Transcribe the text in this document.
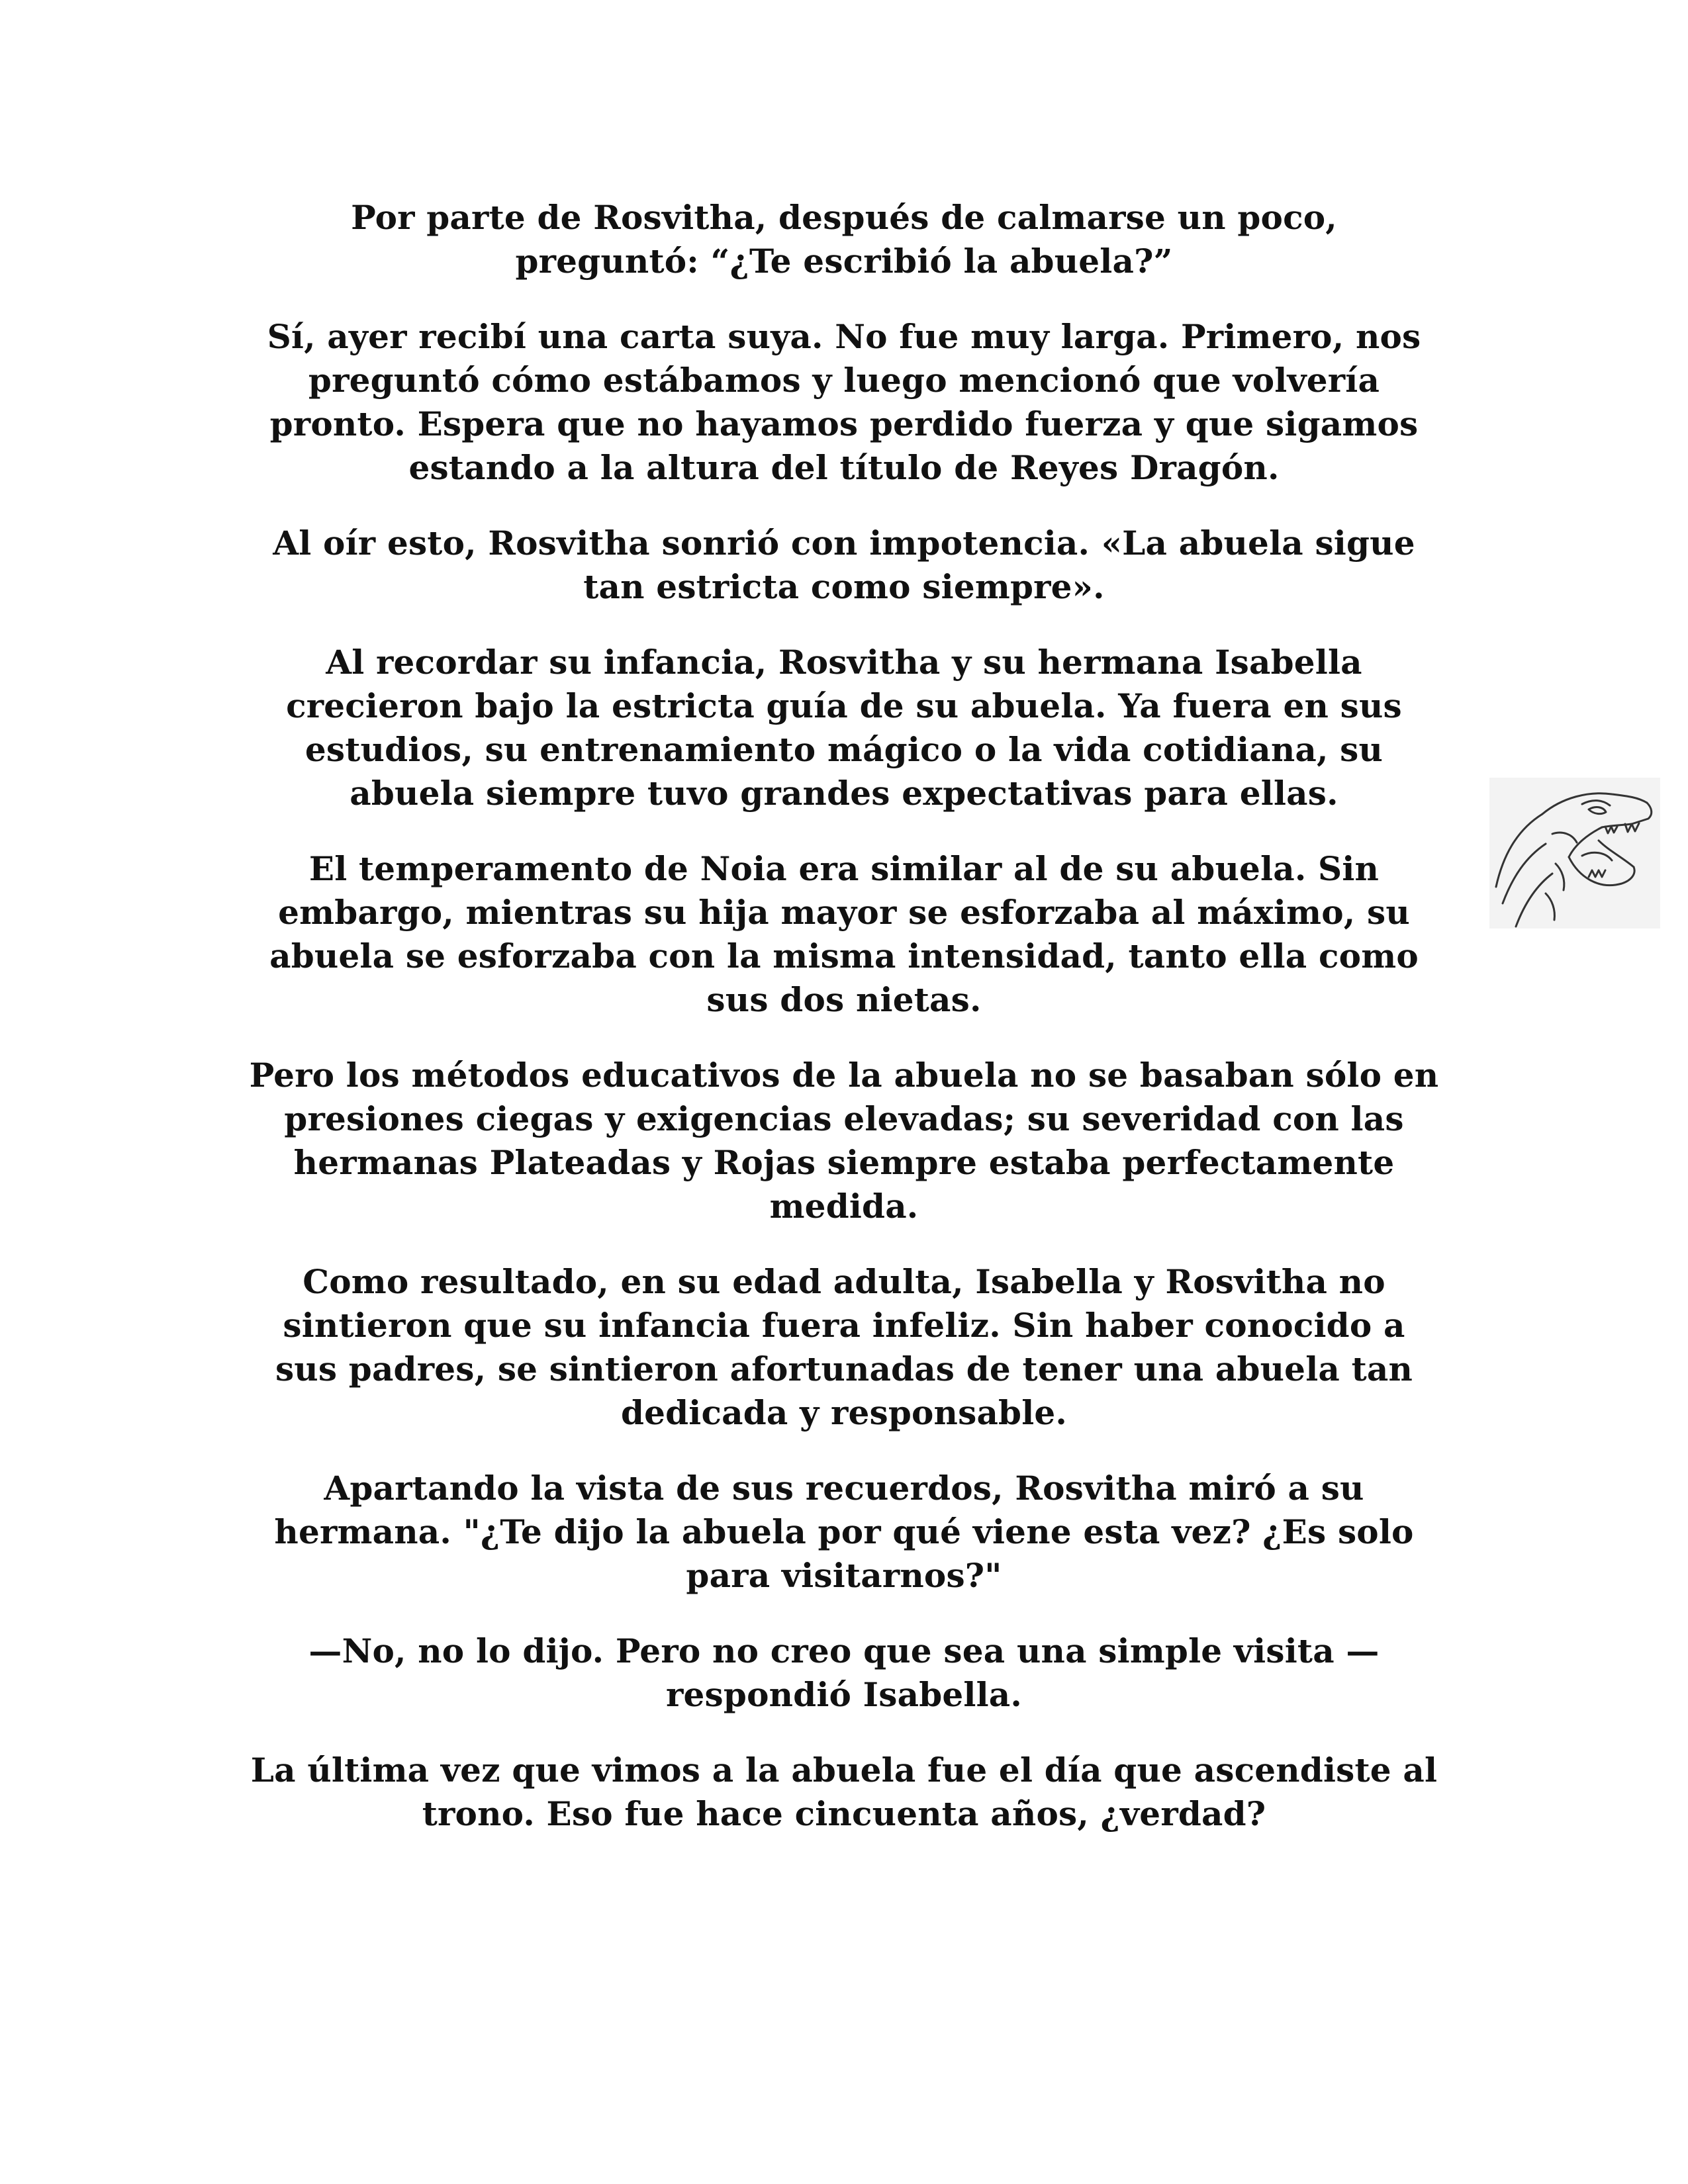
Por parte de Rosvitha, después de calmarse un poco,
preguntó: “¿Te escribió la abuela?”

Sí, ayer recibí una carta suya. No fue muy larga. Primero, nos
preguntó cómo estábamos y luego mencionó que volvería
pronto. Espera que no hayamos perdido fuerza y que sigamos
estando a la altura del título de Reyes Dragón.

Al oír esto, Rosvitha sonrió con impotencia. «La abuela sigue
tan estricta como siempre».

Al recordar su infancia, Rosvitha y su hermana Isabella
crecieron bajo la estricta guía de su abuela. Ya fuera en sus
estudios, su entrenamiento mágico o la vida cotidiana, su
abuela siempre tuvo grandes expectativas para ellas.

El temperamento de Noia era similar al de su abuela. Sin
embargo, mientras su hija mayor se esforzaba al máximo, su
abuela se esforzaba con la misma intensidad, tanto ella como
sus dos nietas.

Pero los métodos educativos de la abuela no se basaban sólo en
presiones ciegas y exigencias elevadas; su severidad con las
hermanas Plateadas y Rojas siempre estaba perfectamente
medida.

Como resultado, en su edad adulta, Isabella y Rosvitha no
sintieron que su infancia fuera infeliz. Sin haber conocido a
sus padres, se sintieron afortunadas de tener una abuela tan
dedicada y responsable.

Apartando la vista de sus recuerdos, Rosvitha miró a su
hermana. "¿Te dijo la abuela por qué viene esta vez? ¿Es solo
para visitarnos?"

—No, no lo dijo. Pero no creo que sea una simple visita —
respondió Isabella.

La última vez que vimos a la abuela fue el día que ascendiste al
trono. Eso fue hace cincuenta años, ¿verdad?
